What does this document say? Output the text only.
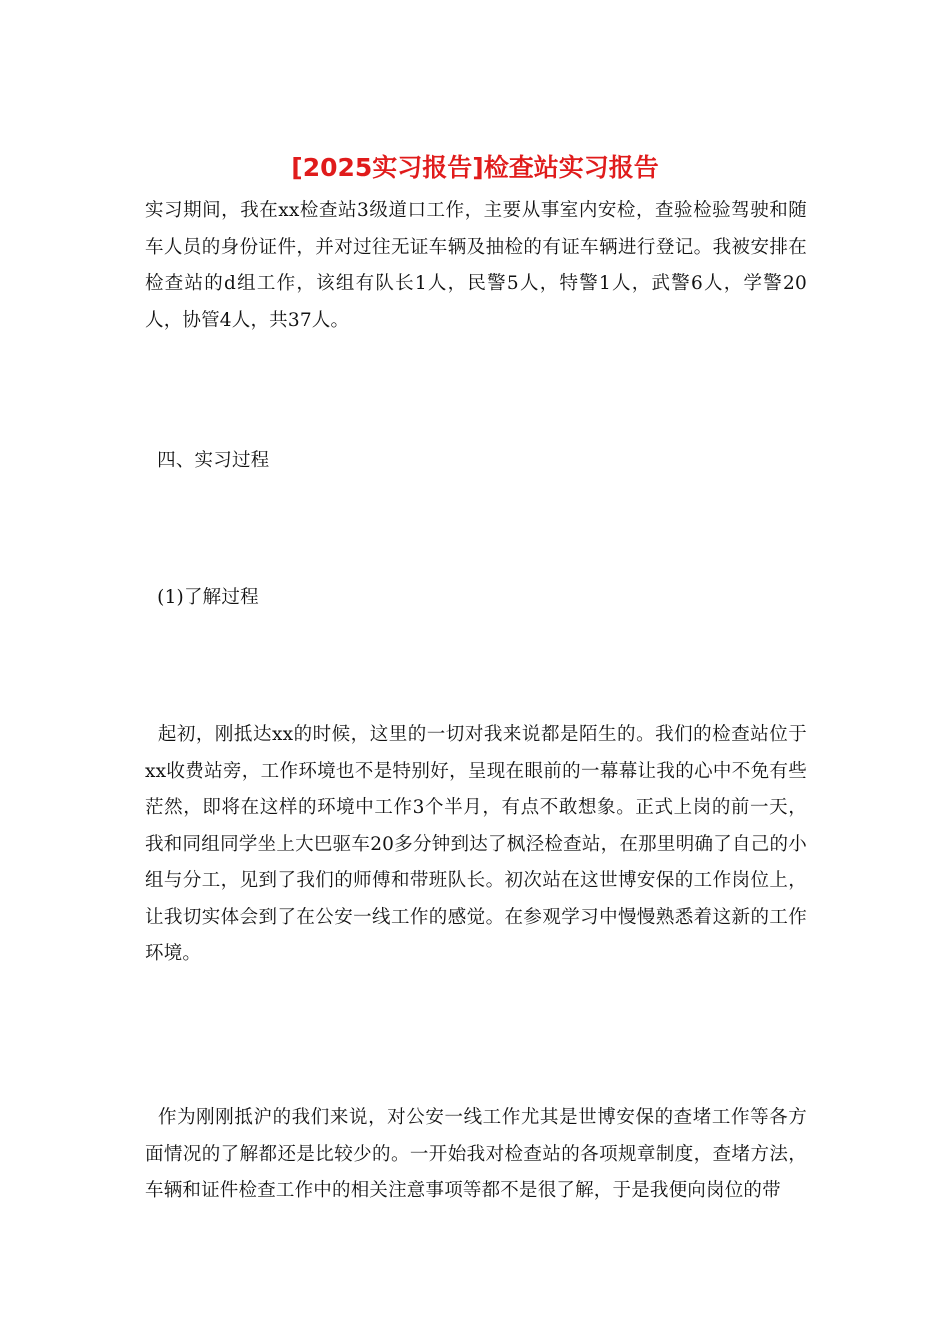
[2025实习报告]检查站实习报告

实习期间，我在xx检查站3级道口工作，主要从事室内安检，查验检验驾驶和随车人员的身份证件，并对过往无证车辆及抽检的有证车辆进行登记。我被安排在检查站的d组工作，该组有队长1人，民警5人，特警1人，武警6人，学警20人，协管4人，共37人。

四、实习过程

(1)了解过程

起初，刚抵达xx的时候，这里的一切对我来说都是陌生的。我们的检查站位于xx收费站旁，工作环境也不是特别好，呈现在眼前的一幕幕让我的心中不免有些茫然，即将在这样的环境中工作3个半月，有点不敢想象。正式上岗的前一天，我和同组同学坐上大巴驱车20多分钟到达了枫泾检查站，在那里明确了自己的小组与分工，见到了我们的师傅和带班队长。初次站在这世博安保的工作岗位上，让我切实体会到了在公安一线工作的感觉。在参观学习中慢慢熟悉着这新的工作环境。

作为刚刚抵沪的我们来说，对公安一线工作尤其是世博安保的查堵工作等各方面情况的了解都还是比较少的。一开始我对检查站的各项规章制度，查堵方法，车辆和证件检查工作中的相关注意事项等都不是很了解，于是我便向岗位的带
